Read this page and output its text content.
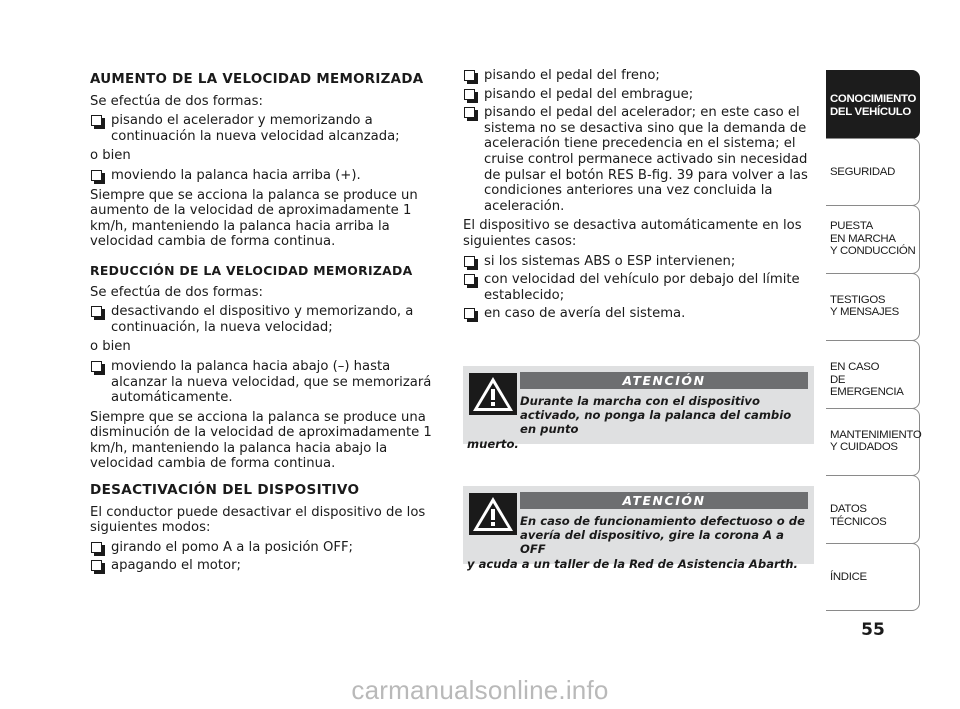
AUMENTO DE LA VELOCIDAD MEMORIZADA
Se efectúa de dos formas:
pisando el acelerador y memorizando a continuación la nueva velocidad alcanzada;
o bien
moviendo la palanca hacia arriba (+).
Siempre que se acciona la palanca se produce un aumento de la velocidad de aproximadamente 1 km/h, manteniendo la palanca hacia arriba la velocidad cambia de forma continua.
REDUCCIÓN DE LA VELOCIDAD MEMORIZADA
Se efectúa de dos formas:
desactivando el dispositivo y memorizando, a continuación, la nueva velocidad;
o bien
moviendo la palanca hacia abajo (–) hasta alcanzar la nueva velocidad, que se memorizará automáticamente.
Siempre que se acciona la palanca se produce una disminución de la velocidad de aproximadamente 1 km/h, manteniendo la palanca hacia abajo la velocidad cambia de forma continua.
DESACTIVACIÓN DEL DISPOSITIVO
El conductor puede desactivar el dispositivo de los siguientes modos:
girando el pomo A a la posición OFF;
apagando el motor;
pisando el pedal del freno;
pisando el pedal del embrague;
pisando el pedal del acelerador; en este caso el sistema no se desactiva sino que la demanda de aceleración tiene precedencia en el sistema; el cruise control permanece activado sin necesidad de pulsar el botón RES B-fig. 39 para volver a las condiciones anteriores una vez concluida la aceleración.
El dispositivo se desactiva automáticamente en los siguientes casos:
si los sistemas ABS o ESP intervienen;
con velocidad del vehículo por debajo del límite establecido;
en caso de avería del sistema.
ATENCIÓN
Durante la marcha con el dispositivo activado, no ponga la palanca del cambio en punto
muerto.
ATENCIÓN
En caso de funcionamiento defectuoso o de avería del dispositivo, gire la corona A a OFF
y acuda a un taller de la Red de Asistencia Abarth.
CONOCIMIENTO
DEL VEHÍCULO
SEGURIDAD
PUESTA
EN MARCHA
Y CONDUCCIÓN
TESTIGOS
Y MENSAJES
EN CASO
DE EMERGENCIA
MANTENIMIENTO
Y CUIDADOS
DATOS TÉCNICOS
ÍNDICE
55
carmanualsonline.info
